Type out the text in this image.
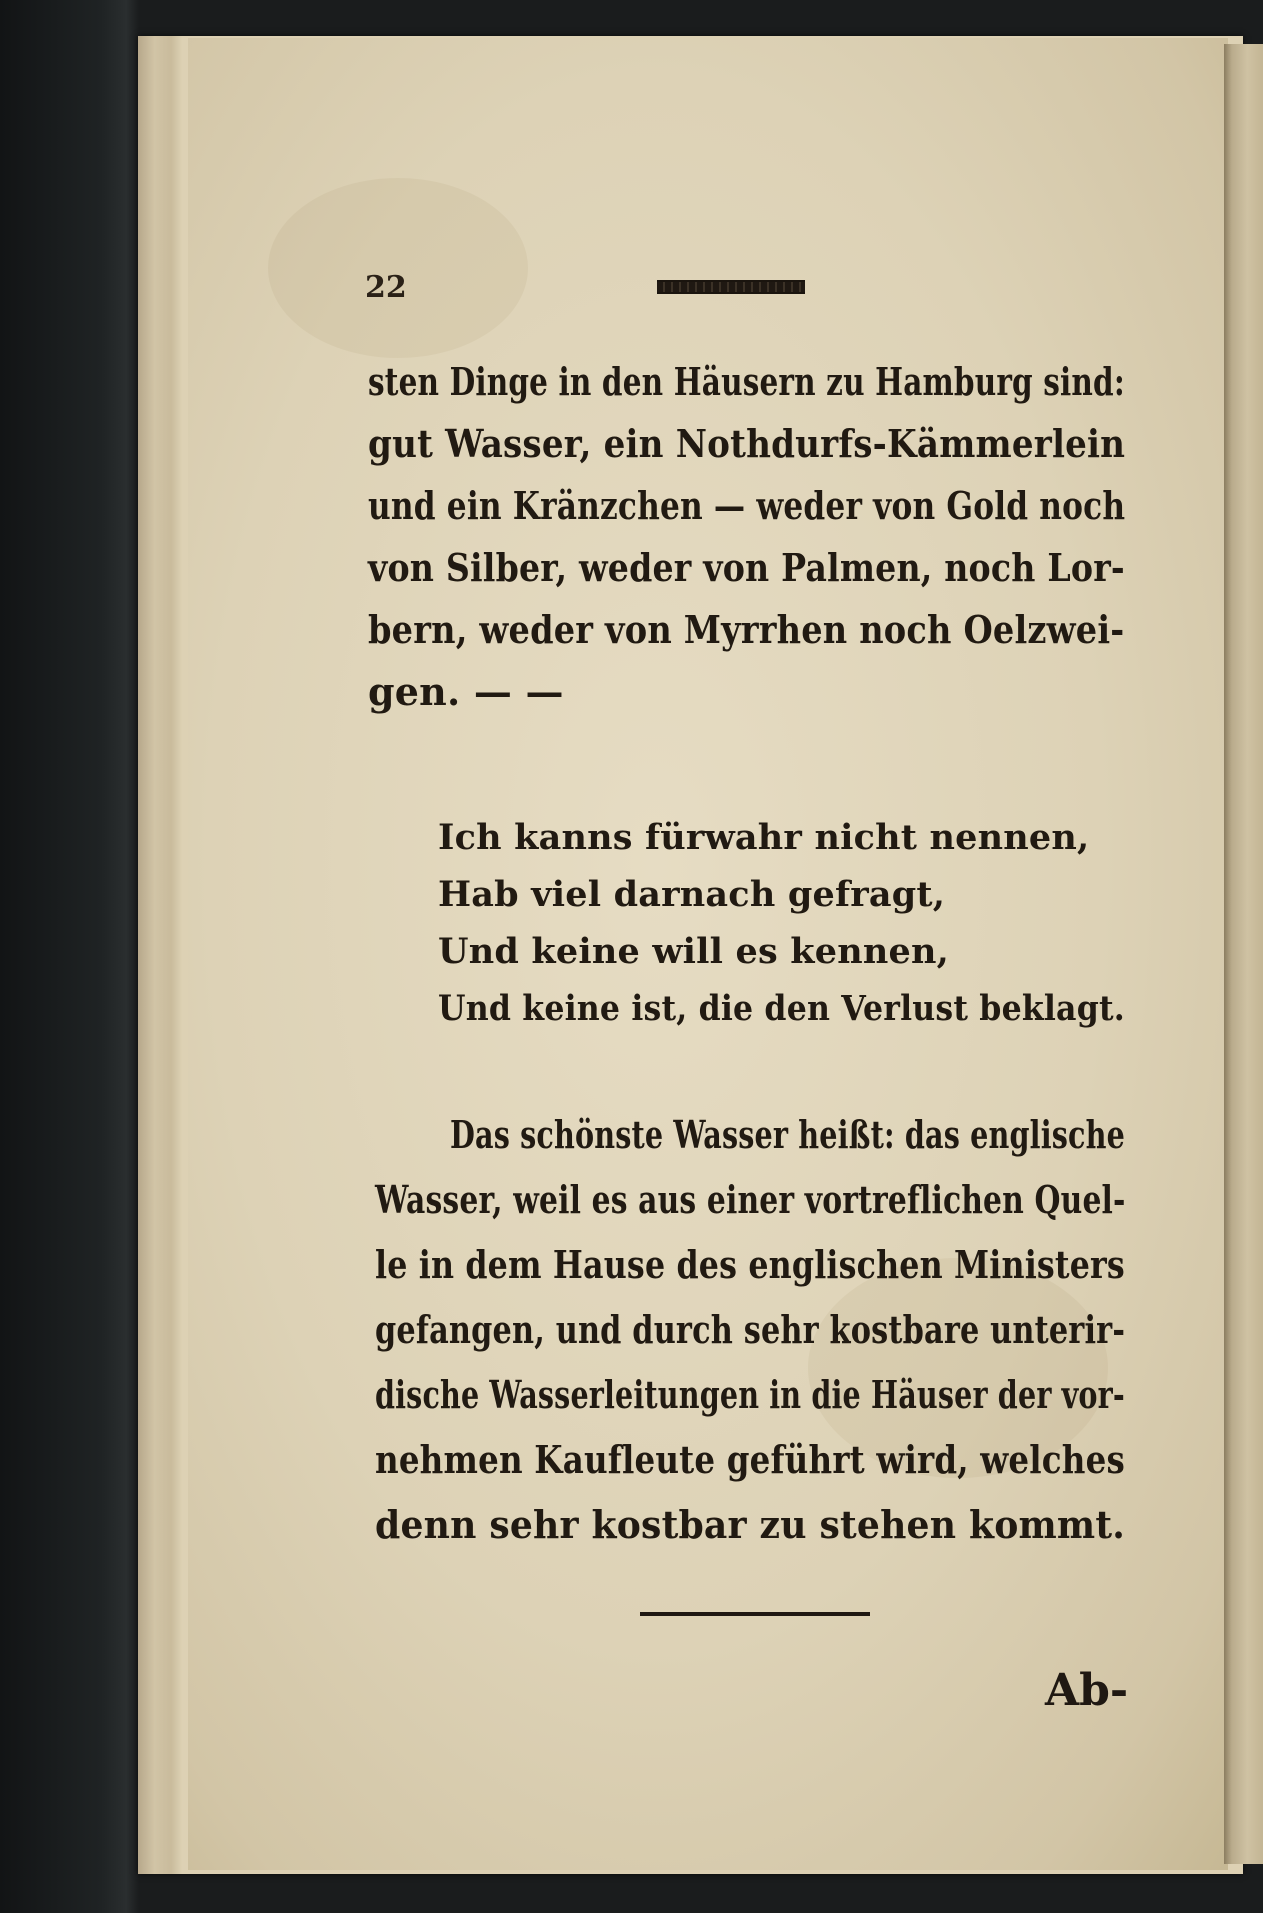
22
sten Dinge in den Häusern zu Hamburg sind:
gut Wasser, ein Nothdurfs-Kämmerlein
und ein Kränzchen — weder von Gold noch
von Silber, weder von Palmen, noch Lor-
bern, weder von Myrrhen noch Oelzwei-
gen. — —
Ich kanns fürwahr nicht nennen,
Hab viel darnach gefragt,
Und keine will es kennen,
Und keine ist, die den Verlust beklagt.
Das schönste Wasser heißt: das englische
Wasser, weil es aus einer vortreflichen Quel-
le in dem Hause des englischen Ministers
gefangen, und durch sehr kostbare unterir-
dische Wasserleitungen in die Häuser der vor-
nehmen Kaufleute geführt wird, welches
denn sehr kostbar zu stehen kommt.
Ab-
